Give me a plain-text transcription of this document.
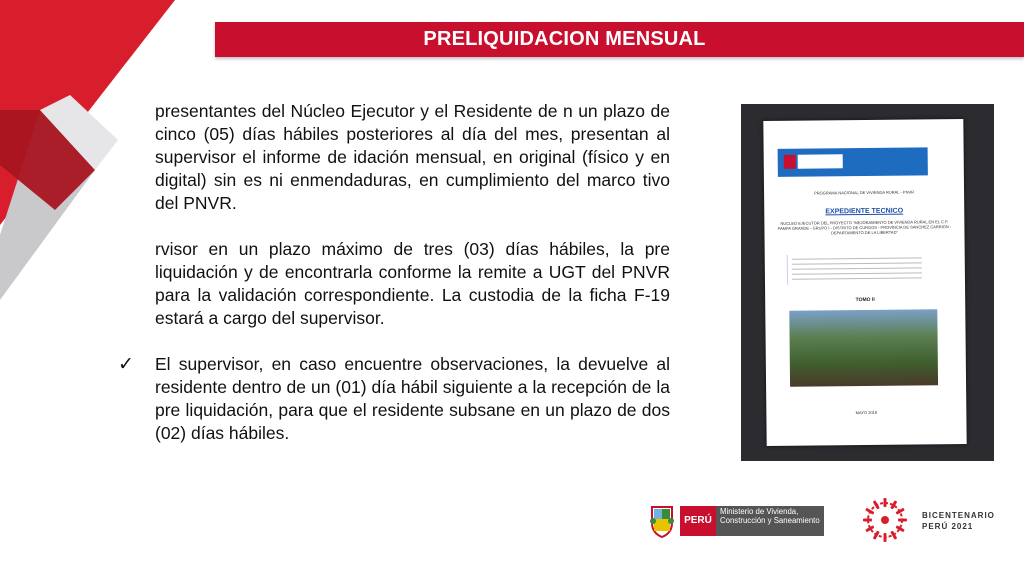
PRELIQUIDACION MENSUAL
presentantes del Núcleo Ejecutor y el Residente de n un plazo de cinco (05) días hábiles posteriores al día del mes, presentan al supervisor el informe de idación mensual, en original (físico y en digital) sin es ni enmendaduras, en cumplimiento del marco tivo del PNVR.
rvisor en un plazo máximo de tres (03) días hábiles, la pre liquidación y de encontrarla conforme la remite a UGT del PNVR para la validación correspondiente. La custodia de la ficha F-19 estará a cargo del supervisor.
✓ El supervisor, en caso encuentre observaciones, la devuelve al residente dentro de un (01) día hábil siguiente a la recepción de la pre liquidación, para que el residente subsane en un plazo de dos (02) días hábiles.
PROGRAMA NACIONAL DE VIVIENDA RURAL - PNVR
EXPEDIENTE TECNICO
NUCLEO EJECUTOR DEL PROYECTO "MEJORAMIENTO DE VIVIENDA RURAL EN EL C.P. PAMPA GRANDE - GRUPO I - DISTRITO DE CURGOS - PROVINCIA DE SANCHEZ CARRION - DEPARTAMENTO DE LA LIBERTAD"
TOMO II
MAYO 2018
PERÚ
Ministerio de Vivienda, Construcción y Saneamiento
BICENTENARIO
PERÚ 2021
